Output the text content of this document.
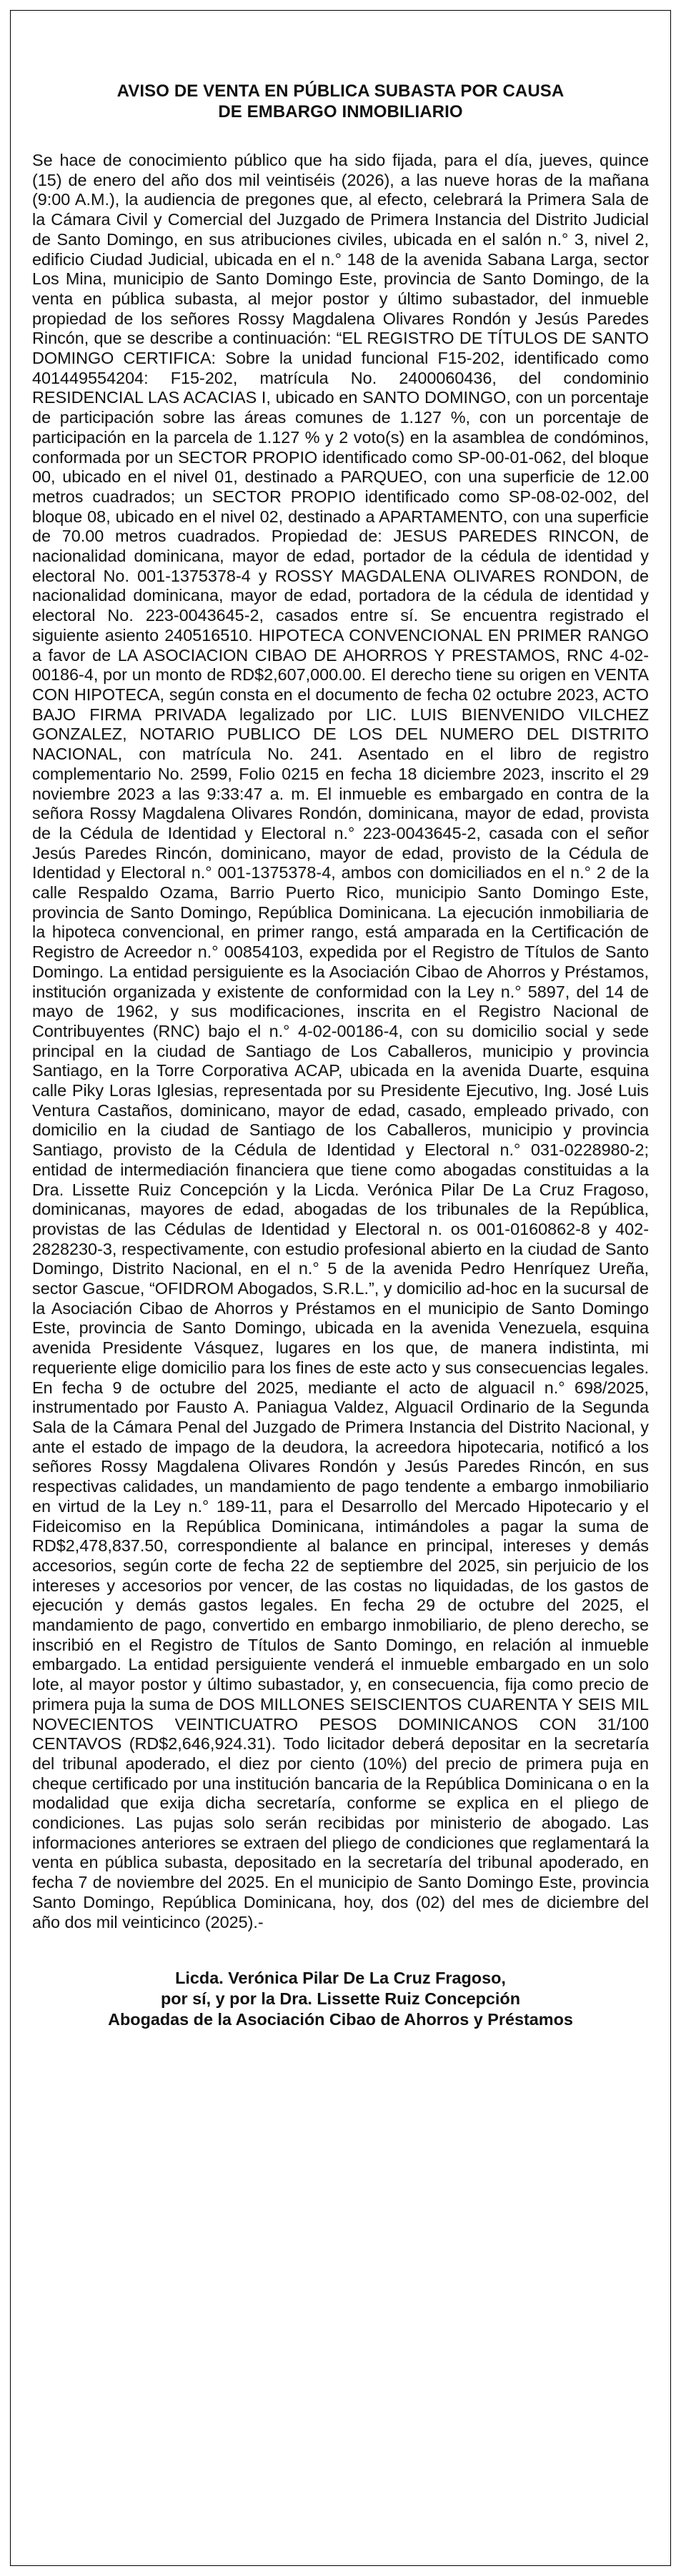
AVISO DE VENTA EN PÚBLICA SUBASTA POR CAUSA
DE EMBARGO INMOBILIARIO

Se hace de conocimiento público que ha sido fijada, para el día, jueves, quince (15) de enero del año dos mil veintiséis (2026), a las nueve horas de la mañana (9:00 A.M.), la audiencia de pregones que, al efecto, celebrará la Primera Sala de la Cámara Civil y Comercial del Juzgado de Primera Instancia del Distrito Judicial de Santo Domingo, en sus atribuciones civiles, ubicada en el salón n.° 3, nivel 2, edificio Ciudad Judicial, ubicada en el n.° 148 de la avenida Sabana Larga, sector Los Mina, municipio de Santo Domingo Este, provincia de Santo Domingo, de la venta en pública subasta, al mejor postor y último subastador, del inmueble propiedad de los señores Rossy Magdalena Olivares Rondón y Jesús Paredes Rincón, que se describe a continuación: “EL REGISTRO DE TÍTULOS DE SANTO DOMINGO CERTIFICA: Sobre la unidad funcional F15-202, identificado como 401449554204: F15-202, matrícula No. 2400060436, del condominio RESIDENCIAL LAS ACACIAS I, ubicado en SANTO DOMINGO, con un porcentaje de participación sobre las áreas comunes de 1.127 %, con un porcentaje de participación en la parcela de 1.127 % y 2 voto(s) en la asamblea de condóminos, conformada por un SECTOR PROPIO identificado como SP-00-01-062, del bloque 00, ubicado en el nivel 01, destinado a PARQUEO, con una superficie de 12.00 metros cuadrados; un SECTOR PROPIO identificado como SP-08-02-002, del bloque 08, ubicado en el nivel 02, destinado a APARTAMENTO, con una superficie de 70.00 metros cuadrados. Propiedad de: JESUS PAREDES RINCON, de nacionalidad dominicana, mayor de edad, portador de la cédula de identidad y electoral No. 001-1375378-4 y ROSSY MAGDALENA OLIVARES RONDON, de nacionalidad dominicana, mayor de edad, portadora de la cédula de identidad y electoral No. 223-0043645-2, casados entre sí. Se encuentra registrado el siguiente asiento 240516510. HIPOTECA CONVENCIONAL EN PRIMER RANGO a favor de LA ASOCIACION CIBAO DE AHORROS Y PRESTAMOS, RNC 4-02-00186-4, por un monto de RD$2,607,000.00. El derecho tiene su origen en VENTA CON HIPOTECA, según consta en el documento de fecha 02 octubre 2023, ACTO BAJO FIRMA PRIVADA legalizado por LIC. LUIS BIENVENIDO VILCHEZ GONZALEZ, NOTARIO PUBLICO DE LOS DEL NUMERO DEL DISTRITO NACIONAL, con matrícula No. 241. Asentado en el libro de registro complementario No. 2599, Folio 0215 en fecha 18 diciembre 2023, inscrito el 29 noviembre 2023 a las 9:33:47 a. m. El inmueble es embargado en contra de la señora Rossy Magdalena Olivares Rondón, dominicana, mayor de edad, provista de la Cédula de Identidad y Electoral n.° 223-0043645-2, casada con el señor Jesús Paredes Rincón, dominicano, mayor de edad, provisto de la Cédula de Identidad y Electoral n.° 001-1375378-4, ambos con domiciliados en el n.° 2 de la calle Respaldo Ozama, Barrio Puerto Rico, municipio Santo Domingo Este, provincia de Santo Domingo, República Dominicana. La ejecución inmobiliaria de la hipoteca convencional, en primer rango, está amparada en la Certificación de Registro de Acreedor n.° 00854103, expedida por el Registro de Títulos de Santo Domingo. La entidad persiguiente es la Asociación Cibao de Ahorros y Préstamos, institución organizada y existente de conformidad con la Ley n.° 5897, del 14 de mayo de 1962, y sus modificaciones, inscrita en el Registro Nacional de Contribuyentes (RNC) bajo el n.° 4-02-00186-4, con su domicilio social y sede principal en la ciudad de Santiago de Los Caballeros, municipio y provincia Santiago, en la Torre Corporativa ACAP, ubicada en la avenida Duarte, esquina calle Piky Loras Iglesias, representada por su Presidente Ejecutivo, Ing. José Luis Ventura Castaños, dominicano, mayor de edad, casado, empleado privado, con domicilio en la ciudad de Santiago de los Caballeros, municipio y provincia Santiago, provisto de la Cédula de Identidad y Electoral n.° 031-0228980-2; entidad de intermediación financiera que tiene como abogadas constituidas a la Dra. Lissette Ruiz Concepción y la Licda. Verónica Pilar De La Cruz Fragoso, dominicanas, mayores de edad, abogadas de los tribunales de la República, provistas de las Cédulas de Identidad y Electoral n. os 001-0160862-8 y 402-2828230-3, respectivamente, con estudio profesional abierto en la ciudad de Santo Domingo, Distrito Nacional, en el n.° 5 de la avenida Pedro Henríquez Ureña, sector Gascue, “OFIDROM Abogados, S.R.L.”, y domicilio ad-hoc en la sucursal de la Asociación Cibao de Ahorros y Préstamos en el municipio de Santo Domingo Este, provincia de Santo Domingo, ubicada en la avenida Venezuela, esquina avenida Presidente Vásquez, lugares en los que, de manera indistinta, mi requeriente elige domicilio para los fines de este acto y sus consecuencias legales. En fecha 9 de octubre del 2025, mediante el acto de alguacil n.° 698/2025, instrumentado por Fausto A. Paniagua Valdez, Alguacil Ordinario de la Segunda Sala de la Cámara Penal del Juzgado de Primera Instancia del Distrito Nacional, y ante el estado de impago de la deudora, la acreedora hipotecaria, notificó a los señores Rossy Magdalena Olivares Rondón y Jesús Paredes Rincón, en sus respectivas calidades, un mandamiento de pago tendente a embargo inmobiliario en virtud de la Ley n.° 189-11, para el Desarrollo del Mercado Hipotecario y el Fideicomiso en la República Dominicana, intimándoles a pagar la suma de RD$2,478,837.50, correspondiente al balance en principal, intereses y demás accesorios, según corte de fecha 22 de septiembre del 2025, sin perjuicio de los intereses y accesorios por vencer, de las costas no liquidadas, de los gastos de ejecución y demás gastos legales. En fecha 29 de octubre del 2025, el mandamiento de pago, convertido en embargo inmobiliario, de pleno derecho, se inscribió en el Registro de Títulos de Santo Domingo, en relación al inmueble embargado. La entidad persiguiente venderá el inmueble embargado en un solo lote, al mayor postor y último subastador, y, en consecuencia, fija como precio de primera puja la suma de DOS MILLONES SEISCIENTOS CUARENTA Y SEIS MIL NOVECIENTOS VEINTICUATRO PESOS DOMINICANOS CON 31/100 CENTAVOS (RD$2,646,924.31). Todo licitador deberá depositar en la secretaría del tribunal apoderado, el diez por ciento (10%) del precio de primera puja en cheque certificado por una institución bancaria de la República Dominicana o en la modalidad que exija dicha secretaría, conforme se explica en el pliego de condiciones. Las pujas solo serán recibidas por ministerio de abogado. Las informaciones anteriores se extraen del pliego de condiciones que reglamentará la venta en pública subasta, depositado en la secretaría del tribunal apoderado, en fecha 7 de noviembre del 2025. En el municipio de Santo Domingo Este, provincia Santo Domingo, República Dominicana, hoy, dos (02) del mes de diciembre del año dos mil veinticinco (2025).-

Licda. Verónica Pilar De La Cruz Fragoso,
por sí, y por la Dra. Lissette Ruiz Concepción
Abogadas de la Asociación Cibao de Ahorros y Préstamos
